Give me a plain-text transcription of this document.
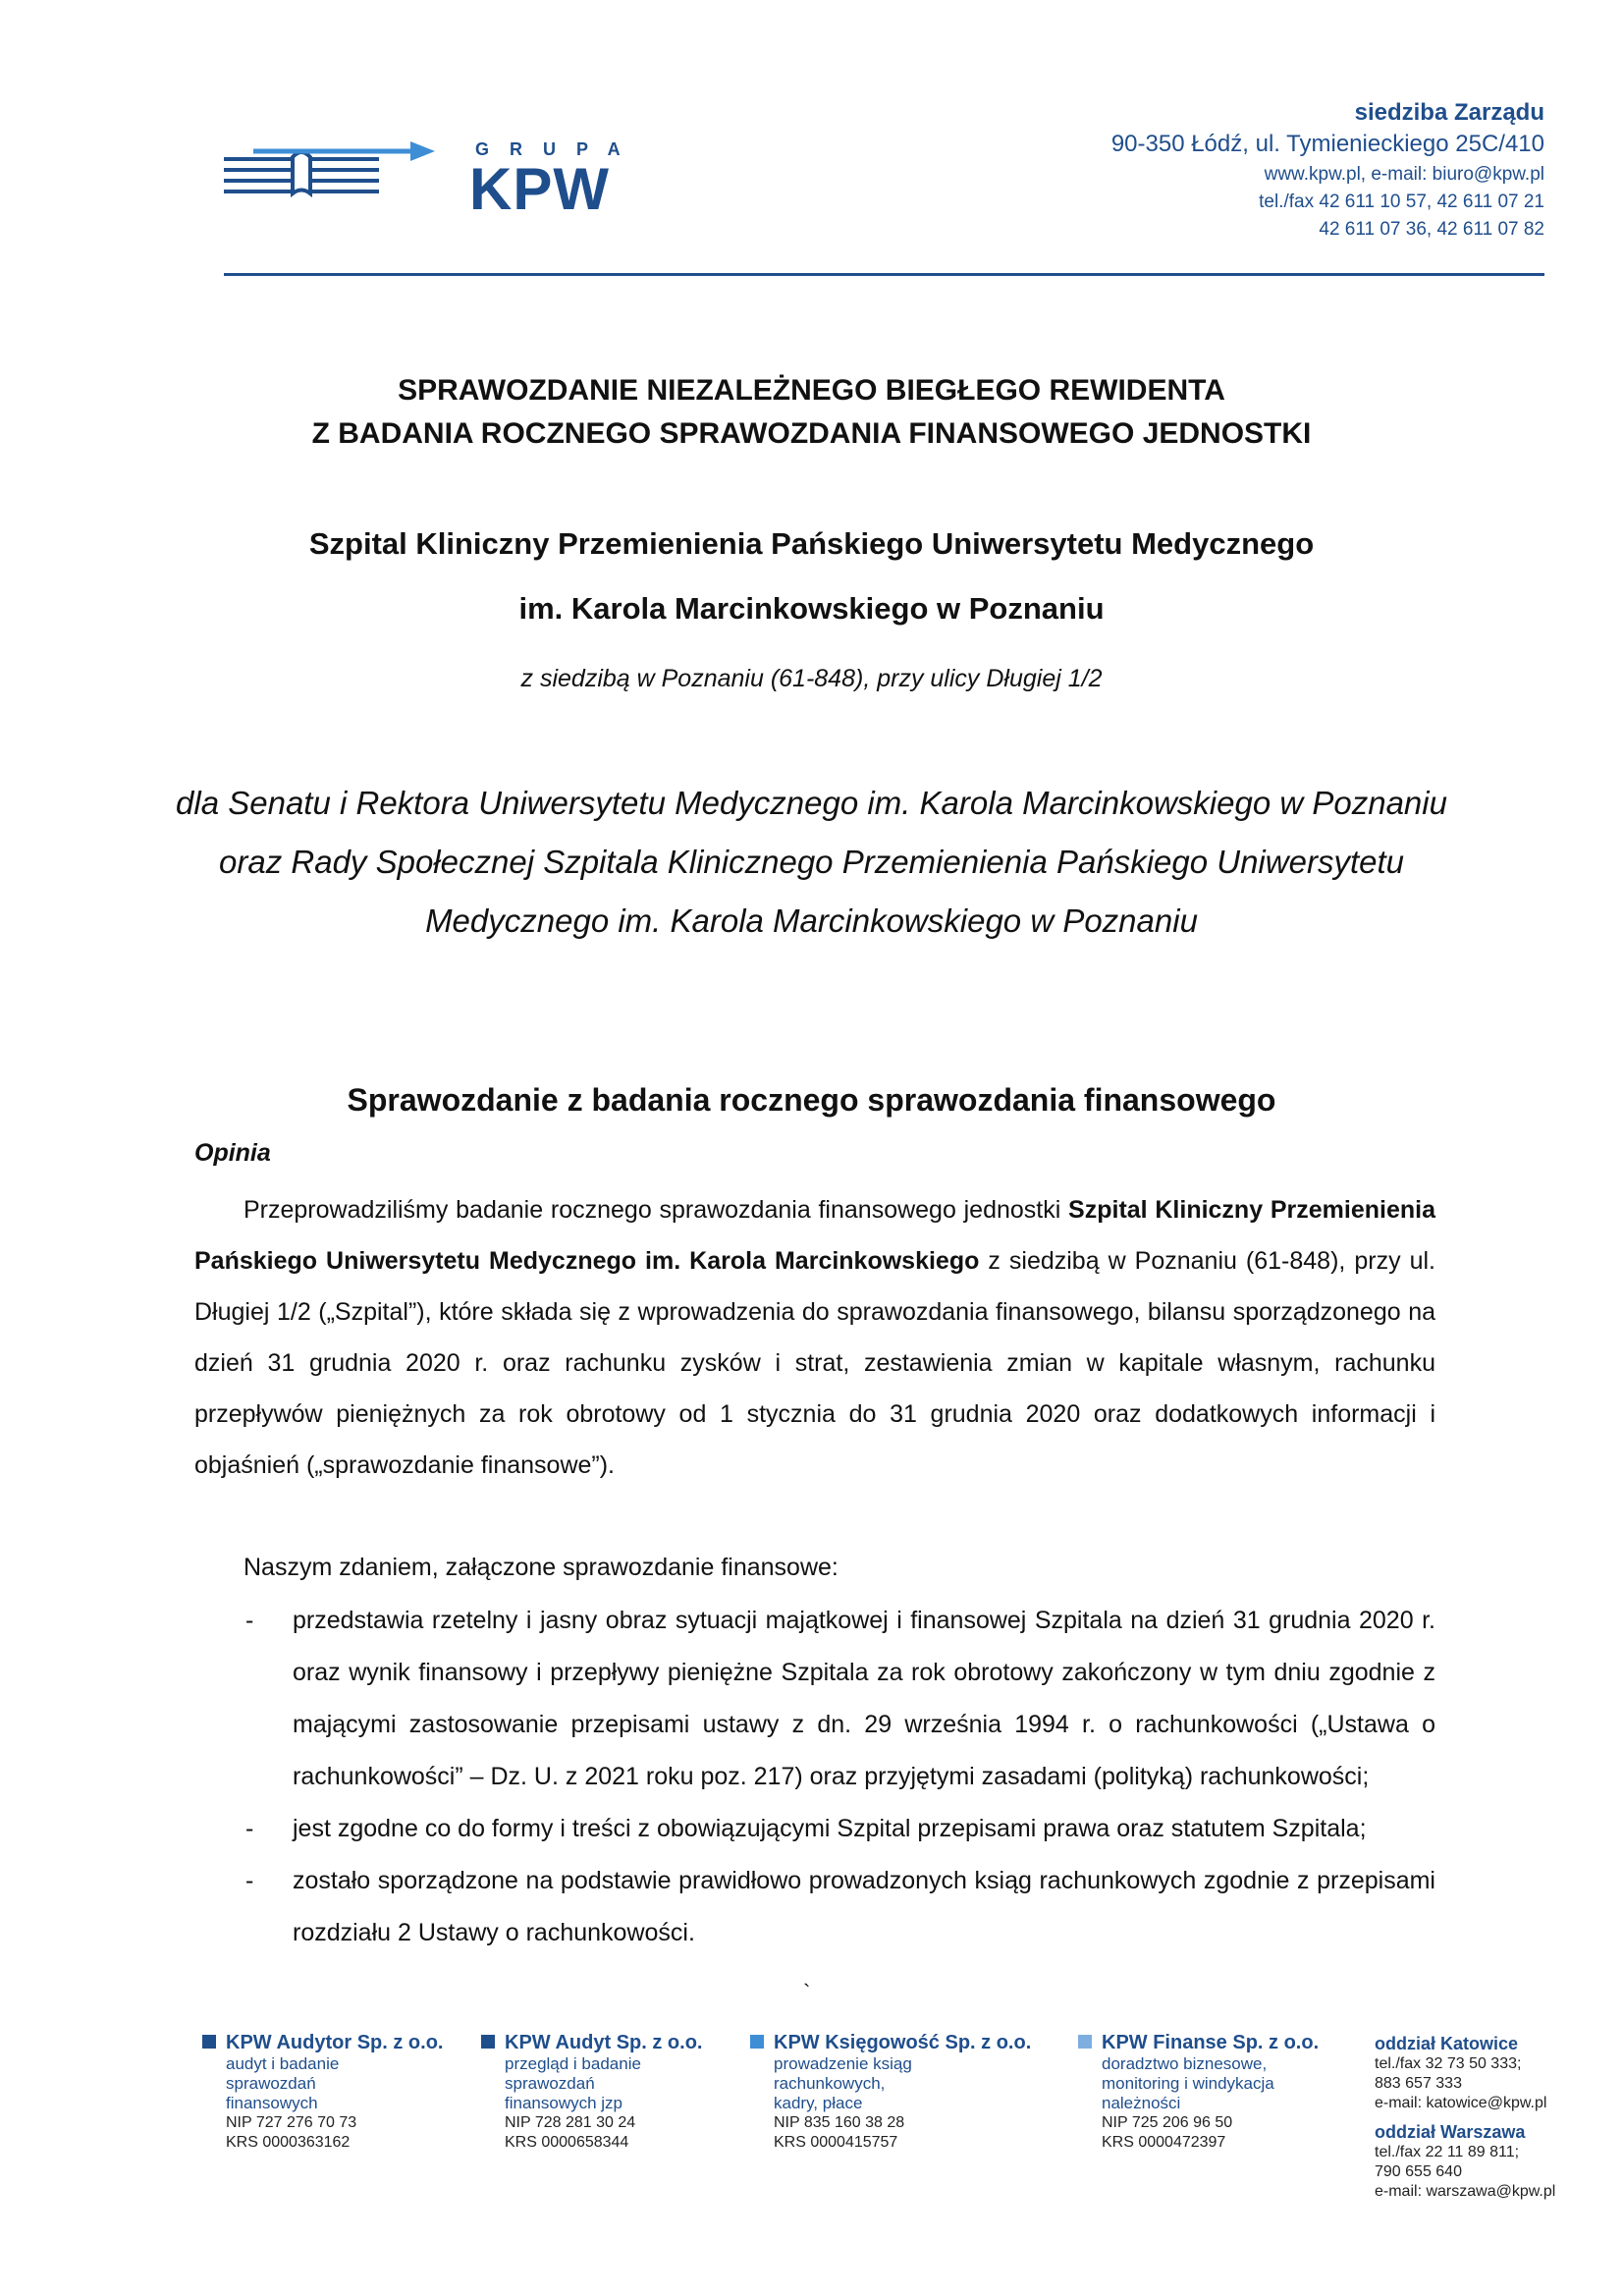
GRUPA
KPW
siedziba Zarządu
90-350 Łódź, ul. Tymienieckiego 25C/410
www.kpw.pl, e-mail: biuro@kpw.pl
tel./fax 42 611 10 57, 42 611 07 21
42 611 07 36, 42 611 07 82
SPRAWOZDANIE NIEZALEŻNEGO BIEGŁEGO REWIDENTA
Z BADANIA ROCZNEGO SPRAWOZDANIA FINANSOWEGO JEDNOSTKI
Szpital Kliniczny Przemienienia Pańskiego Uniwersytetu Medycznego
im. Karola Marcinkowskiego w Poznaniu
z siedzibą w Poznaniu (61-848), przy ulicy Długiej 1/2
dla Senatu i Rektora Uniwersytetu Medycznego im. Karola Marcinkowskiego w Poznaniu
oraz Rady Społecznej Szpitala Klinicznego Przemienienia Pańskiego Uniwersytetu
Medycznego im. Karola Marcinkowskiego w Poznaniu
Sprawozdanie z badania rocznego sprawozdania finansowego
Opinia
Przeprowadziliśmy badanie rocznego sprawozdania finansowego jednostki Szpital Kliniczny Przemienienia Pańskiego Uniwersytetu Medycznego im. Karola Marcinkowskiego z siedzibą w Poznaniu (61-848), przy ul. Długiej 1/2 („Szpital”), które składa się z wprowadzenia do sprawozdania finansowego, bilansu sporządzonego na dzień 31 grudnia 2020 r. oraz rachunku zysków i strat, zestawienia zmian w kapitale własnym, rachunku przepływów pieniężnych za rok obrotowy od 1 stycznia do 31 grudnia 2020 oraz dodatkowych informacji i objaśnień („sprawozdanie finansowe”).
Naszym zdaniem, załączone sprawozdanie finansowe:
- przedstawia rzetelny i jasny obraz sytuacji majątkowej i finansowej Szpitala na dzień 31 grudnia 2020 r. oraz wynik finansowy i przepływy pieniężne Szpitala za rok obrotowy zakończony w tym dniu zgodnie z mającymi zastosowanie przepisami ustawy z dn. 29 września 1994 r. o rachunkowości („Ustawa o rachunkowości” – Dz. U. z 2021 roku poz. 217) oraz przyjętymi zasadami (polityką) rachunkowości;
- jest zgodne co do formy i treści z obowiązującymi Szpital przepisami prawa oraz statutem Szpitala;
- zostało sporządzone na podstawie prawidłowo prowadzonych ksiąg rachunkowych zgodnie z przepisami rozdziału 2 Ustawy o rachunkowości.
`
KPW Audytor Sp. z o.o.
audyt i badanie
sprawozdań
finansowych
NIP 727 276 70 73
KRS 0000363162
KPW Audyt Sp. z o.o.
przegląd i badanie
sprawozdań
finansowych jzp
NIP 728 281 30 24
KRS 0000658344
KPW Księgowość Sp. z o.o.
prowadzenie ksiąg
rachunkowych,
kadry, płace
NIP 835 160 38 28
KRS 0000415757
KPW Finanse Sp. z o.o.
doradztwo biznesowe,
monitoring i windykacja
należności
NIP 725 206 96 50
KRS 0000472397
oddział Katowice
tel./fax 32 73 50 333;
883 657 333
e-mail: katowice@kpw.pl
oddział Warszawa
tel./fax 22 11 89 811;
790 655 640
e-mail: warszawa@kpw.pl
